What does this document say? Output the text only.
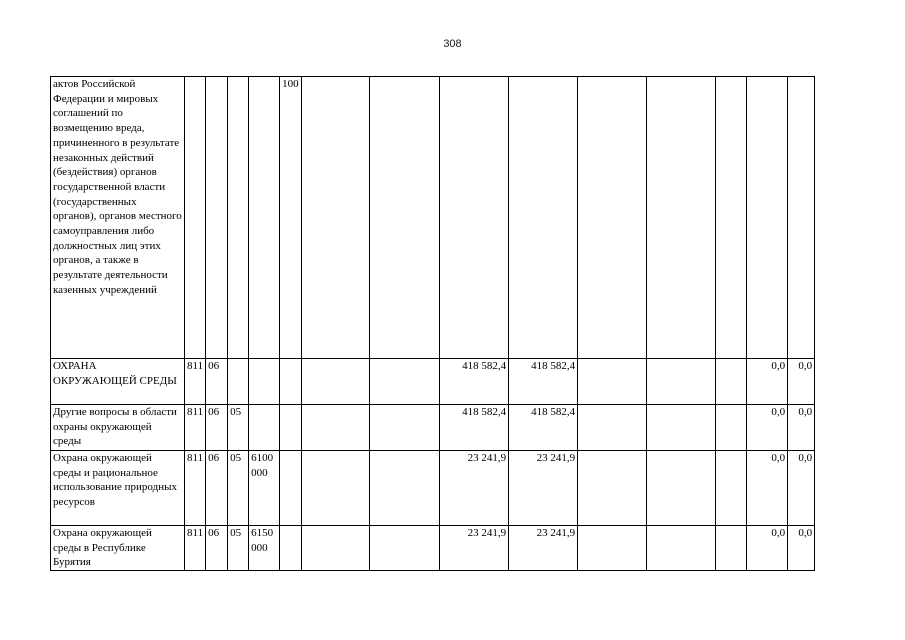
308
актов Российской Федерации и мировых соглашений по возмещению вреда, причиненного в результате незаконных действий (бездействия) органов государственной власти (государственных органов), органов местного самоуправления либо должностных лиц этих органов, а также в результате деятельности казенных учреждений					100									
ОХРАНА ОКРУЖАЮЩЕЙ СРЕДЫ	811	06						418 582,4	418 582,4				0,0	0,0
Другие вопросы в области охраны окружающей среды	811	06	05					418 582,4	418 582,4				0,0	0,0
Охрана окружающей среды и рациональное использование природных ресурсов	811	06	05	6100 000				23 241,9	23 241,9				0,0	0,0
Охрана окружающей среды в Республике Бурятия	811	06	05	6150 000				23 241,9	23 241,9				0,0	0,0
